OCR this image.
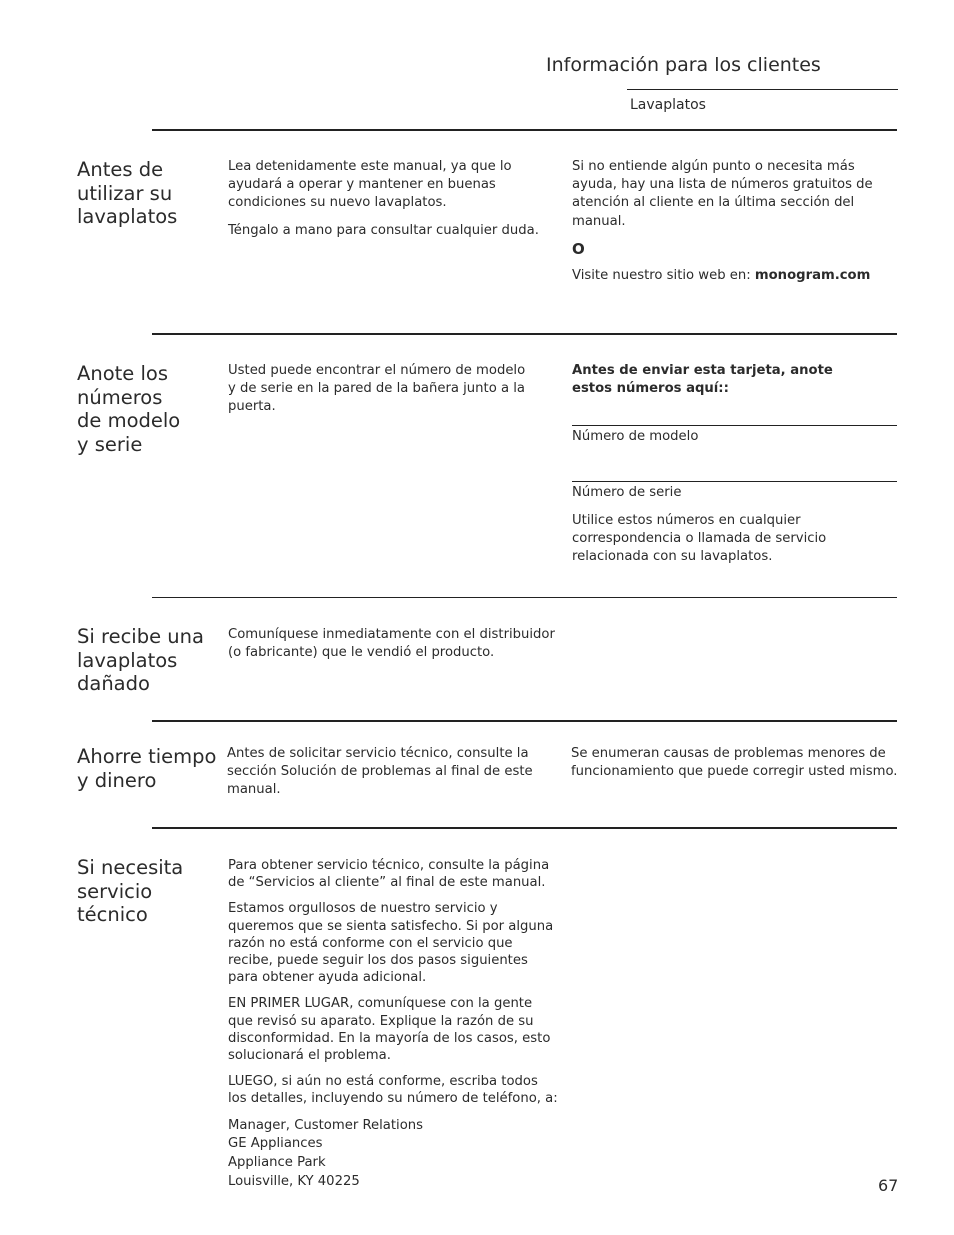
Información para los clientes
Lavaplatos
Antes de
utilizar su
lavaplatos

Lea detenidamente este manual, ya que lo ayudará a operar y mantener en buenas condiciones su nuevo lavaplatos.

Téngalo a mano para consultar cualquier duda.

Si no entiende algún punto o necesita más ayuda, hay una lista de números gratuitos de atención al cliente en la última sección del manual.

O

Visite nuestro sitio web en: monogram.com

Anote los
números
de modelo
y serie

Usted puede encontrar el número de modelo y de serie en la pared de la bañera junto a la puerta.

Antes de enviar esta tarjeta, anote estos números aquí::
Número de modelo
Número de serie
Utilice estos números en cualquier correspondencia o llamada de servicio relacionada con su lavaplatos.
Si recibe una
lavaplatos
dañado

Comuníquese inmediatamente con el distribuidor (o fabricante) que le vendió el producto.

Ahorre tiempo
y dinero

Antes de solicitar servicio técnico, consulte la sección Solución de problemas al final de este manual.

Se enumeran causas de problemas menores de funcionamiento que puede corregir usted mismo.

Si necesita
servicio
técnico

Para obtener servicio técnico, consulte la página de “Servicios al cliente” al final de este manual.

Estamos orgullosos de nuestro servicio y queremos que se sienta satisfecho. Si por alguna razón no está conforme con el servicio que recibe, puede seguir los dos pasos siguientes para obtener ayuda adicional.

EN PRIMER LUGAR, comuníquese con la gente que revisó su aparato. Explique la razón de su disconformidad. En la mayoría de los casos, esto solucionará el problema.

LUEGO, si aún no está conforme, escriba todos los detalles, incluyendo su número de teléfono, a:

Manager, Customer Relations
GE Appliances
Appliance Park
Louisville, KY 40225	67
